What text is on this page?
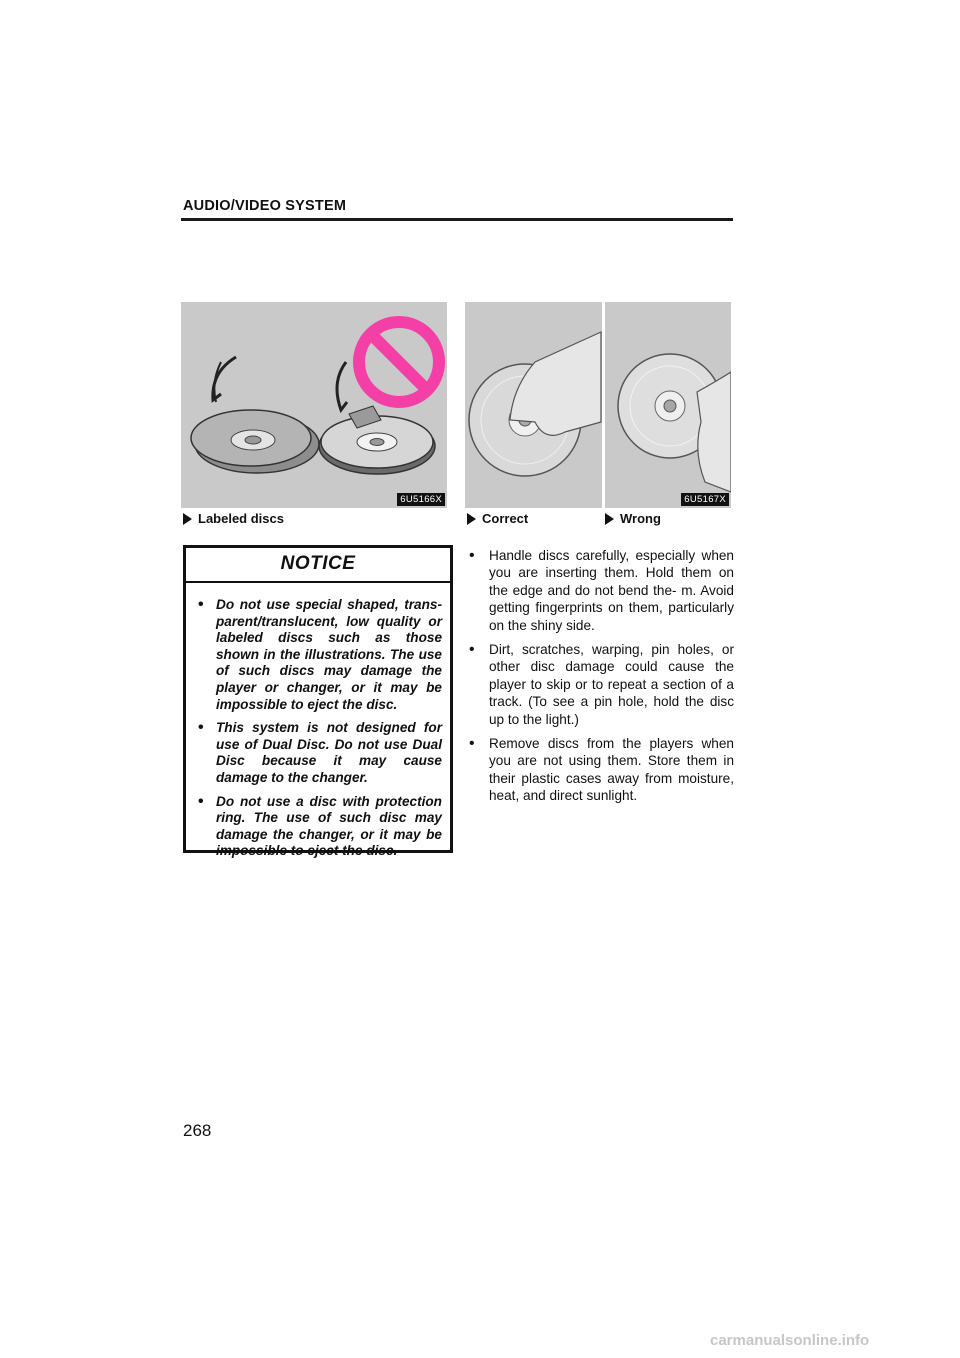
AUDIO/VIDEO SYSTEM
6U5166X	6U5167X
Labeled discs	Correct	Wrong
NOTICE
• Do not use special shaped, trans- parent/translucent, low quality or labeled discs such as those shown in the illustrations. The use of such discs may damage the player or changer, or it may be impossible to eject the disc.
• This system is not designed for use of Dual Disc. Do not use Dual Disc because it may cause damage to the changer.
• Do not use a disc with protection ring. The use of such disc may damage the changer, or it may be impossible to eject the disc.
• Handle discs carefully, especially when you are inserting them. Hold them on the edge and do not bend the- m. Avoid getting fingerprints on them, particularly on the shiny side.
• Dirt, scratches, warping, pin holes, or other disc damage could cause the player to skip or to repeat a section of a track. (To see a pin hole, hold the disc up to the light.)
• Remove discs from the players when you are not using them. Store them in their plastic cases away from moisture, heat, and direct sunlight.
268
carmanualsonline.info
